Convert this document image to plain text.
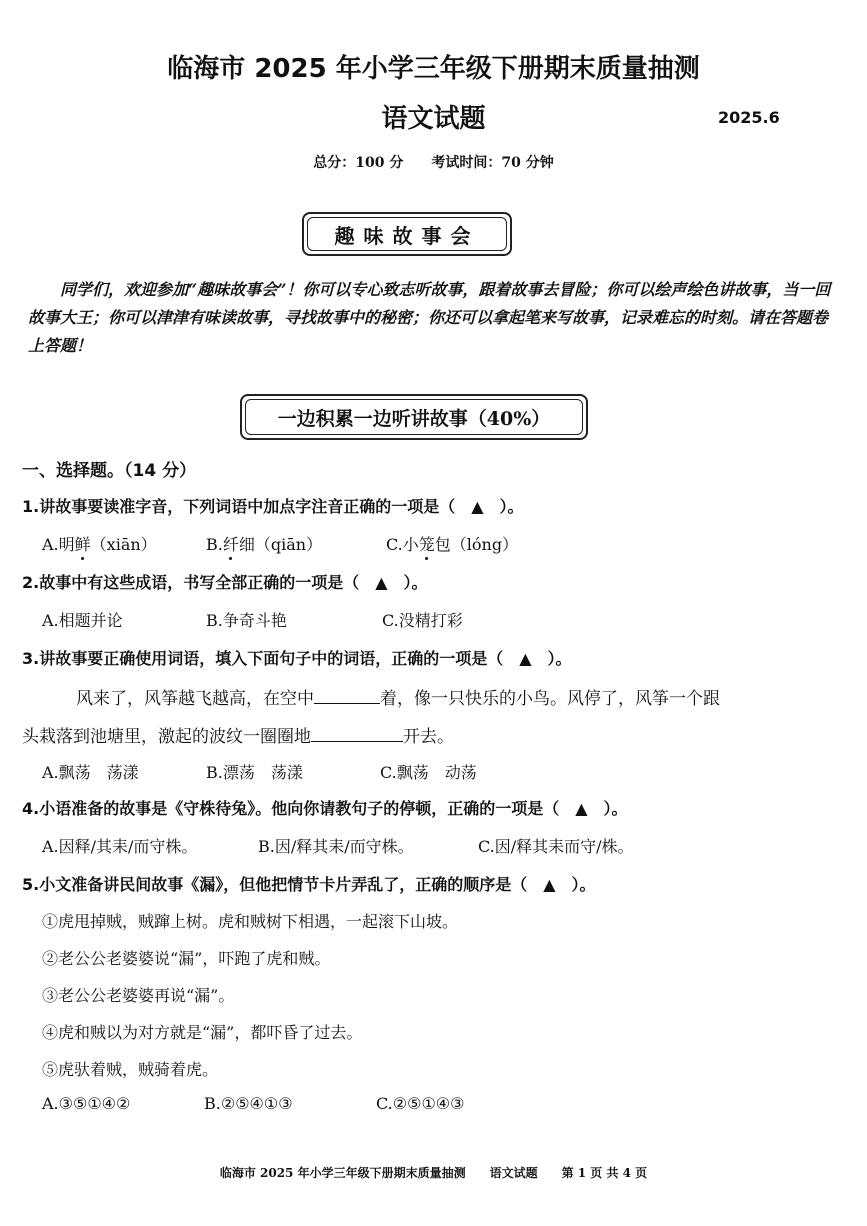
临海市 2025 年小学三年级下册期末质量抽测
语文试题	2025.6
总分：100 分　　考试时间：70 分钟
趣味故事会
同学们，欢迎参加“趣味故事会”！你可以专心致志听故事，跟着故事去冒险；你可以绘声绘色讲故事，当一回故事大王；你可以津津有味读故事，寻找故事中的秘密；你还可以拿起笔来写故事，记录难忘的时刻。请在答题卷上答题！
一边积累一边听讲故事（40%）
一、选择题。（14 分）
1.讲故事要读准字音，下列词语中加点字注音正确的一项是（　▲　）。
A.明鲜（xiān）	B.纤细（qiān）	C.小笼包（lóng）
2.故事中有这些成语，书写全部正确的一项是（　▲　）。
A.相题并论	B.争奇斗艳	C.没精打彩
3.讲故事要正确使用词语，填入下面句子中的词语，正确的一项是（　▲　）。
风来了，风筝越飞越高，在空中	着，像一只快乐的小鸟。风停了，风筝一个跟
头栽落到池塘里，激起的波纹一圈圈地	开去。
A.飘荡　荡漾	B.漂荡　荡漾	C.飘荡　动荡
4.小语准备的故事是《守株待兔》。他向你请教句子的停顿，正确的一项是（　▲　）。
A.因释/其耒/而守株。	B.因/释其耒/而守株。	C.因/释其耒而守/株。
5.小文准备讲民间故事《漏》，但他把情节卡片弄乱了，正确的顺序是（　▲　）。
①虎甩掉贼，贼蹿上树。虎和贼树下相遇，一起滚下山坡。
②老公公老婆婆说“漏”，吓跑了虎和贼。
③老公公老婆婆再说“漏”。
④虎和贼以为对方就是“漏”，都吓昏了过去。
⑤虎驮着贼，贼骑着虎。
A.③⑤①④②	B.②⑤④①③	C.②⑤①④③
临海市 2025 年小学三年级下册期末质量抽测　　语文试题　　第 1 页 共 4 页
